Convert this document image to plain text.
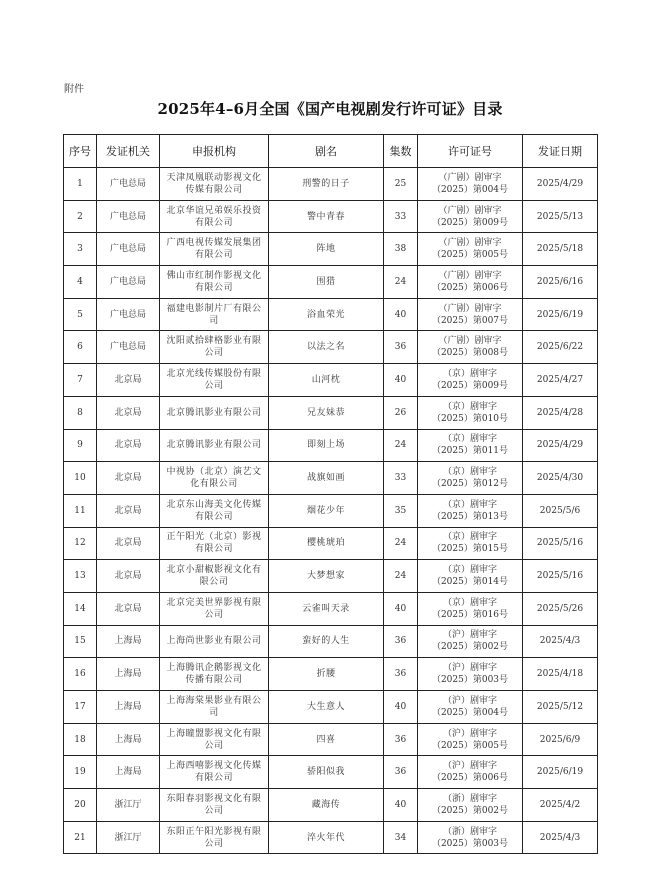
附件
2025年4–6月全国《国产电视剧发行许可证》目录
序号	发证机关	申报机构	剧名	集数	许可证号	发证日期
1	广电总局	天津凤凰联动影视文化传媒有限公司	刑警的日子	25	（广剧）剧审字
（2025）第004号	2025/4/29
2	广电总局	北京华谊兄弟娱乐投资有限公司	警中青春	33	（广剧）剧审字
（2025）第009号	2025/5/13
3	广电总局	广西电视传媒发展集团有限公司	阵地	38	（广剧）剧审字
（2025）第005号	2025/5/18
4	广电总局	佛山市红制作影视文化有限公司	围猎	24	（广剧）剧审字
（2025）第006号	2025/6/16
5	广电总局	福建电影制片厂有限公司	浴血荣光	40	（广剧）剧审字
（2025）第007号	2025/6/19
6	广电总局	沈阳贰拾肆格影业有限公司	以法之名	36	（广剧）剧审字
（2025）第008号	2025/6/22
7	北京局	北京光线传媒股份有限公司	山河枕	40	（京）剧审字
（2025）第009号	2025/4/27
8	北京局	北京腾讯影业有限公司	兄友妹恭	26	（京）剧审字
（2025）第010号	2025/4/28
9	北京局	北京腾讯影业有限公司	即刻上场	24	（京）剧审字
（2025）第011号	2025/4/29
10	北京局	中视协（北京）演艺文化有限公司	战旗如画	33	（京）剧审字
（2025）第012号	2025/4/30
11	北京局	北京东山海美文化传媒有限公司	烟花少年	35	（京）剧审字
（2025）第013号	2025/5/6
12	北京局	正午阳光（北京）影视有限公司	樱桃琥珀	24	（京）剧审字
（2025）第015号	2025/5/16
13	北京局	北京小甜椒影视文化有限公司	大梦想家	24	（京）剧审字
（2025）第014号	2025/5/16
14	北京局	北京完美世界影视有限公司	云雀叫天录	40	（京）剧审字
（2025）第016号	2025/5/26
15	上海局	上海尚世影业有限公司	蛮好的人生	36	（沪）剧审字
（2025）第002号	2025/4/3
16	上海局	上海腾讯企鹅影视文化传播有限公司	折腰	36	（沪）剧审字
（2025）第003号	2025/4/18
17	上海局	上海海棠果影业有限公司	大生意人	40	（沪）剧审字
（2025）第004号	2025/5/12
18	上海局	上海瞳盟影视文化有限公司	四喜	36	（沪）剧审字
（2025）第005号	2025/6/9
19	上海局	上海西嘻影视文化传媒有限公司	骄阳似我	36	（沪）剧审字
（2025）第006号	2025/6/19
20	浙江厅	东阳春羽影视文化有限公司	藏海传	40	（浙）剧审字
（2025）第002号	2025/4/2
21	浙江厅	东阳正午阳光影视有限公司	淬火年代	34	（浙）剧审字
（2025）第003号	2025/4/3
